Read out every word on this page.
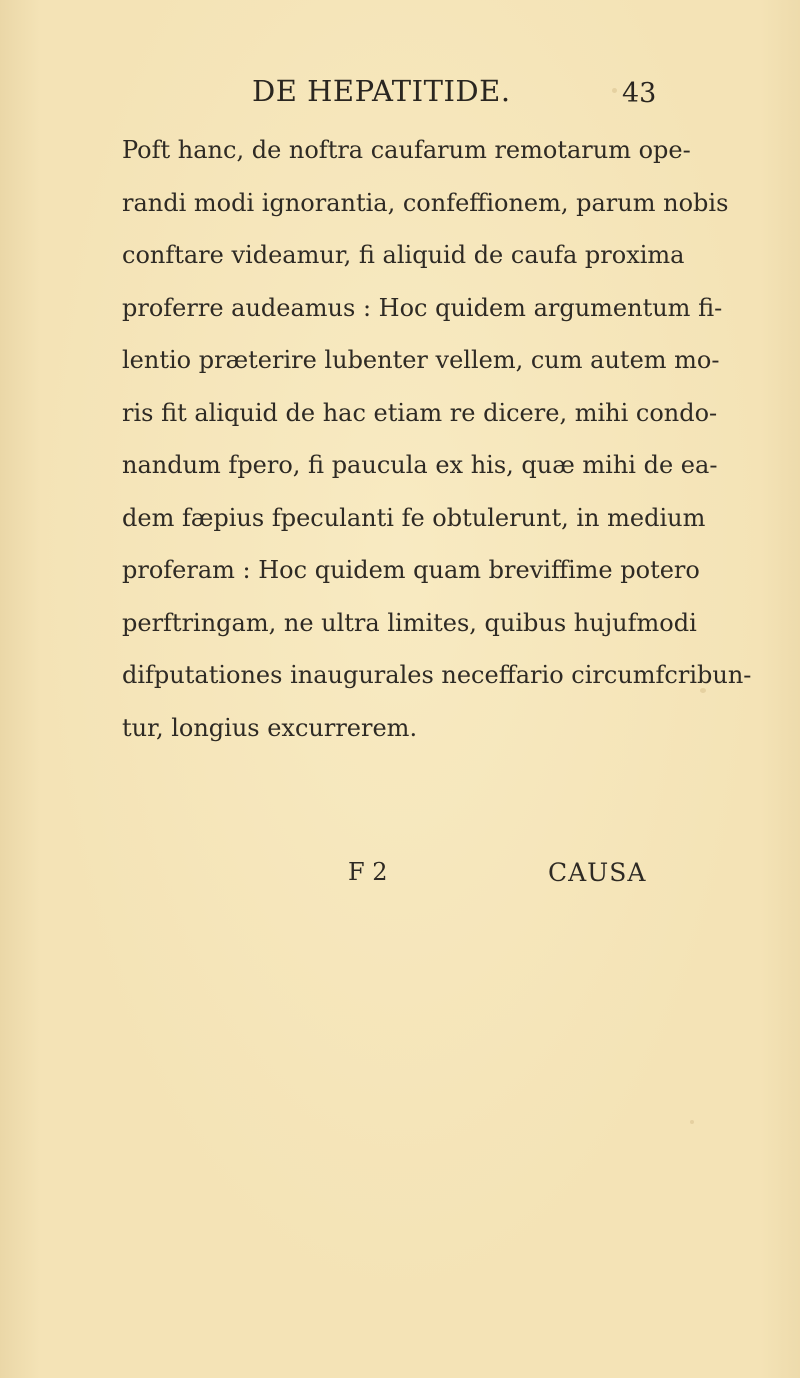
DE HEPATITIDE.	43
Poft hanc, de noftra caufarum remotarum ope-
randi modi ignorantia, confeffionem, parum nobis
conftare videamur, fi aliquid de caufa proxima
proferre audeamus : Hoc quidem argumentum fi-
lentio præterire lubenter vellem, cum autem mo-
ris fit aliquid de hac etiam re dicere, mihi condo-
nandum fpero, fi paucula ex his, quæ mihi de ea-
dem fæpius fpeculanti fe obtulerunt, in medium
proferam : Hoc quidem quam breviffime potero
perftringam, ne ultra limites, quibus hujufmodi
difputationes inaugurales neceffario circumfcribun-
tur, longius excurrerem.
F 2	CAUSA
